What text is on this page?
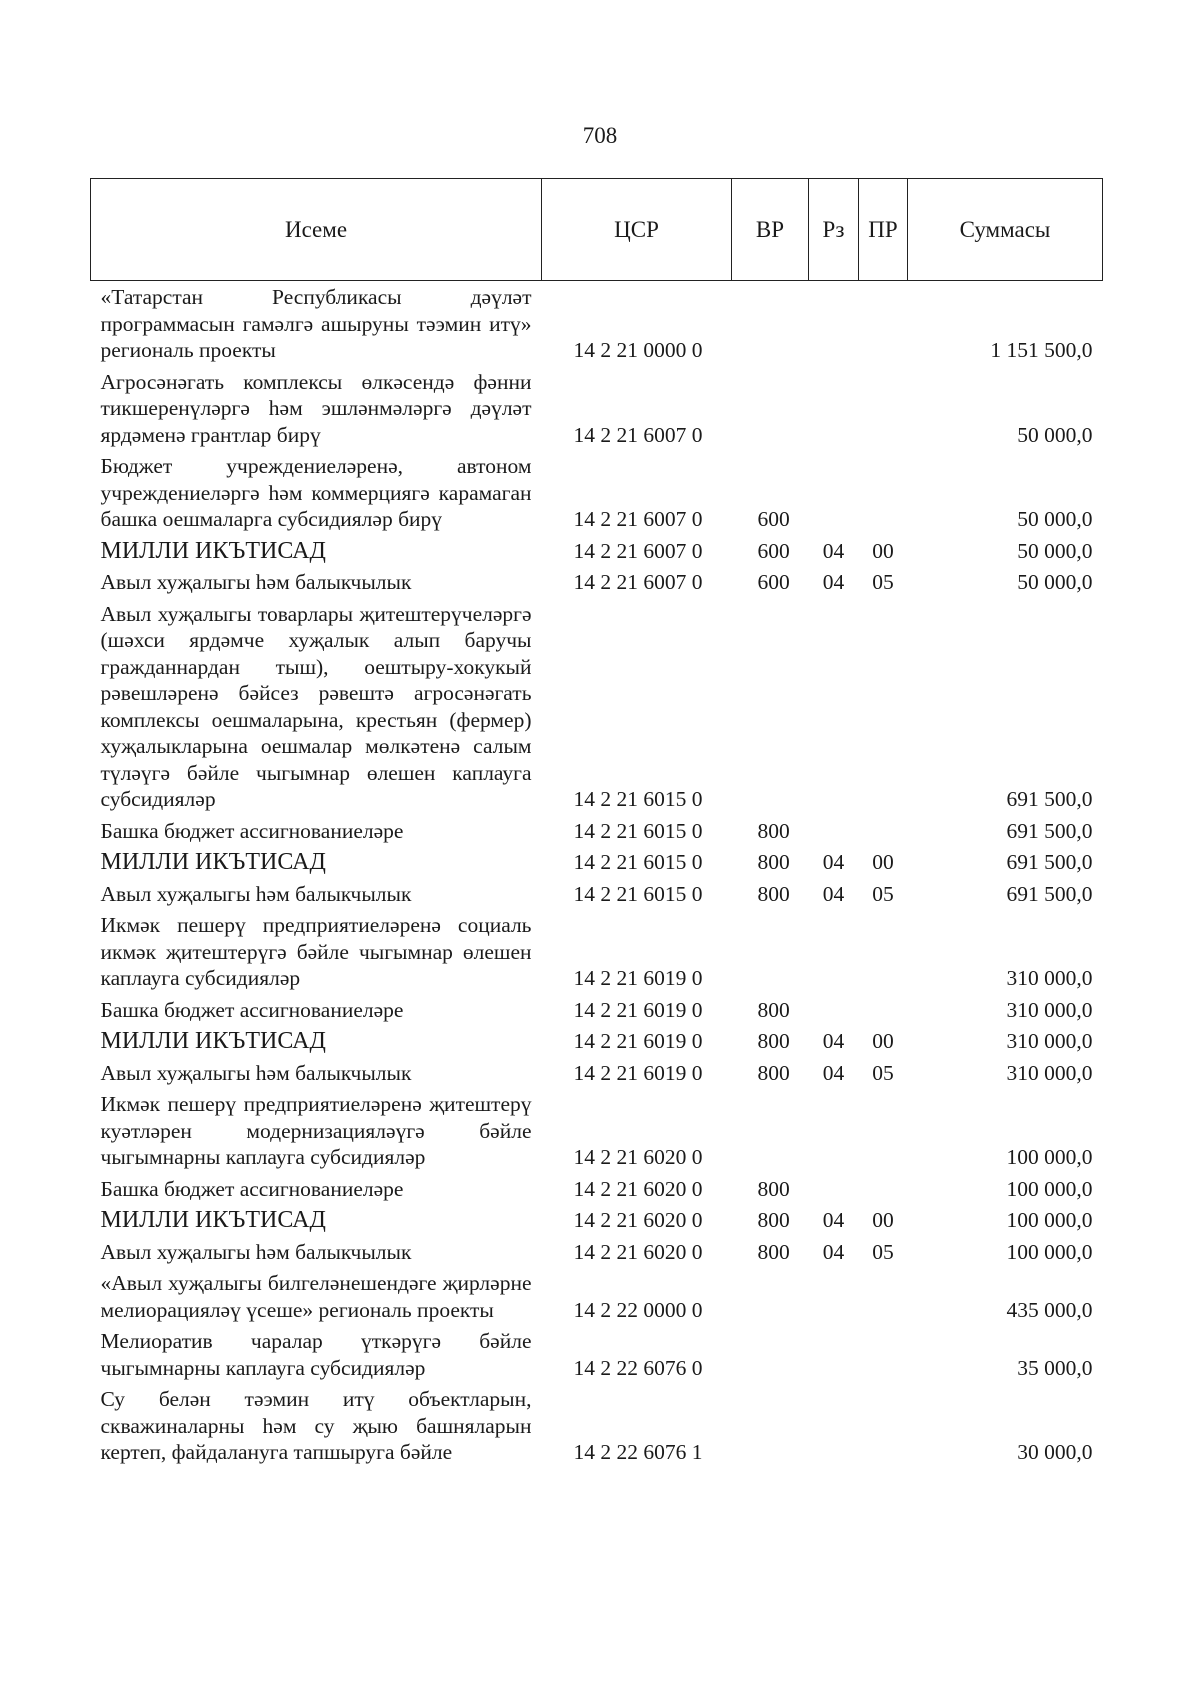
708
Исеме	ЦСР	ВР	Рз	ПР	Суммасы
«Татарстан Республикасы дәүләт программасын гамәлгә ашыруны тәэмин итү» региональ проекты	14 2 21 0000 0				1 151 500,0
Агросәнәгать комплексы өлкәсендә фәнни тикшеренүләргә һәм эшләнмәләргә дәүләт ярдәменә грантлар бирү	14 2 21 6007 0				50 000,0
Бюджет учреждениеләренә, автоном учреждениеләргә һәм коммерциягә карамаган башка оешмаларга субсидияләр бирү	14 2 21 6007 0	600			50 000,0
МИЛЛИ ИКЪТИСАД	14 2 21 6007 0	600	04	00	50 000,0
Авыл хуҗалыгы һәм балыкчылык	14 2 21 6007 0	600	04	05	50 000,0
Авыл хуҗалыгы товарлары җитештерүчеләргә (шәхси ярдәмче хуҗалык алып баручы гражданнардан тыш), оештыру-хокукый рәвешләренә бәйсез рәвештә агросәнәгать комплексы оешмаларына, крестьян (фермер) хуҗалыкларына оешмалар мөлкәтенә салым түләүгә бәйле чыгымнар өлешен каплауга субсидияләр	14 2 21 6015 0				691 500,0
Башка бюджет ассигнованиеләре	14 2 21 6015 0	800			691 500,0
МИЛЛИ ИКЪТИСАД	14 2 21 6015 0	800	04	00	691 500,0
Авыл хуҗалыгы һәм балыкчылык	14 2 21 6015 0	800	04	05	691 500,0
Икмәк пешерү предприятиеләренә социаль икмәк җитештерүгә бәйле чыгымнар өлешен каплауга субсидияләр	14 2 21 6019 0				310 000,0
Башка бюджет ассигнованиеләре	14 2 21 6019 0	800			310 000,0
МИЛЛИ ИКЪТИСАД	14 2 21 6019 0	800	04	00	310 000,0
Авыл хуҗалыгы һәм балыкчылык	14 2 21 6019 0	800	04	05	310 000,0
Икмәк пешерү предприятиеләренә җитештерү куәтләрен модернизацияләүгә бәйле чыгымнарны каплауга субсидияләр	14 2 21 6020 0				100 000,0
Башка бюджет ассигнованиеләре	14 2 21 6020 0	800			100 000,0
МИЛЛИ ИКЪТИСАД	14 2 21 6020 0	800	04	00	100 000,0
Авыл хуҗалыгы һәм балыкчылык	14 2 21 6020 0	800	04	05	100 000,0
«Авыл хуҗалыгы билгеләнешендәге җирләрне мелиорацияләү үсеше» региональ проекты	14 2 22 0000 0				435 000,0
Мелиоратив чаралар үткәрүгә бәйле чыгымнарны каплауга субсидияләр	14 2 22 6076 0				35 000,0
Су белән тәэмин итү объектларын, скважиналарны һәм су җыю башняларын кертеп, файдалануга тапшыруга бәйле	14 2 22 6076 1				30 000,0
